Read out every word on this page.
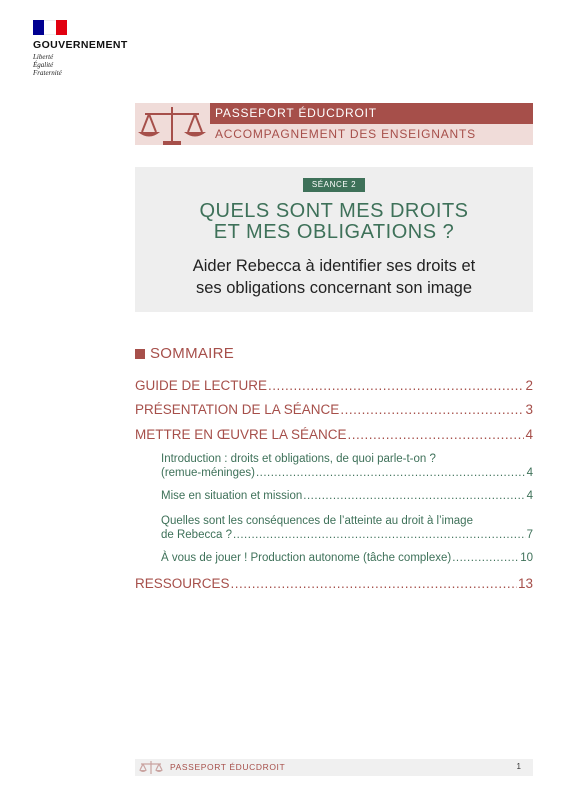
GOUVERNEMENT
Liberté
Égalité
Fraternité
PASSEPORT ÉDUCDROIT
ACCOMPAGNEMENT DES ENSEIGNANTS
SÉANCE 2
QUELS SONT MES DROITS
ET MES OBLIGATIONS ?
Aider Rebecca à identifier ses droits et
ses obligations concernant son image
SOMMAIRE
GUIDE DE LECTURE .....	2
PRÉSENTATION DE LA SÉANCE .....	3
METTRE EN ŒUVRE LA SÉANCE .....	4
Introduction : droits et obligations, de quoi parle-t-on ?
(remue-méninges) .....	4
Mise en situation et mission .....	4
Quelles sont les conséquences de l’atteinte au droit à l’image
de Rebecca ? .....	7
À vous de jouer ! Production autonome (tâche complexe) .....	10
RESSOURCES .....	13
PASSEPORT ÉDUCDROIT	1
